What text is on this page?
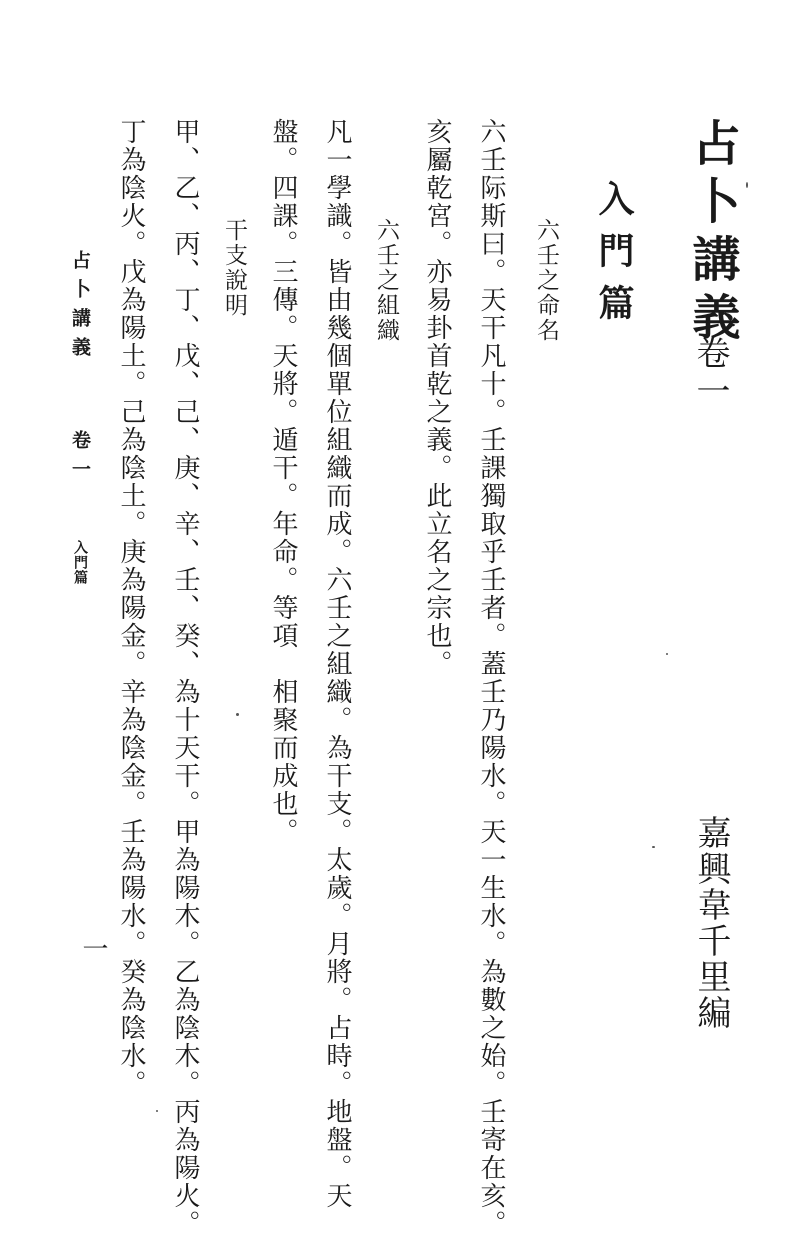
占卜講義
卷一
入門篇
嘉興韋千里編
六壬之命名
六壬际斯曰。天干凡十。壬課獨取乎壬者。蓋壬乃陽水。天一生水。為數之始。壬寄在亥。
亥屬乾宮。亦易卦首乾之義。此立名之宗也。
六壬之組織
凡一學識。皆由幾個單位組織而成。六壬之組織。為干支。太歲。月將。占時。地盤。天
盤。四課。三傳。天將。遁干。年命。等項　相聚而成也。
干支說明
甲、乙、丙、丁、戊、己、庚、辛、壬、癸、為十天干。甲為陽木。乙為陰木。丙為陽火。
丁為陰火。戊為陽土。己為陰土。庚為陽金。辛為陰金。壬為陽水。癸為陰水。
占卜講義
卷一
入門篇
一
